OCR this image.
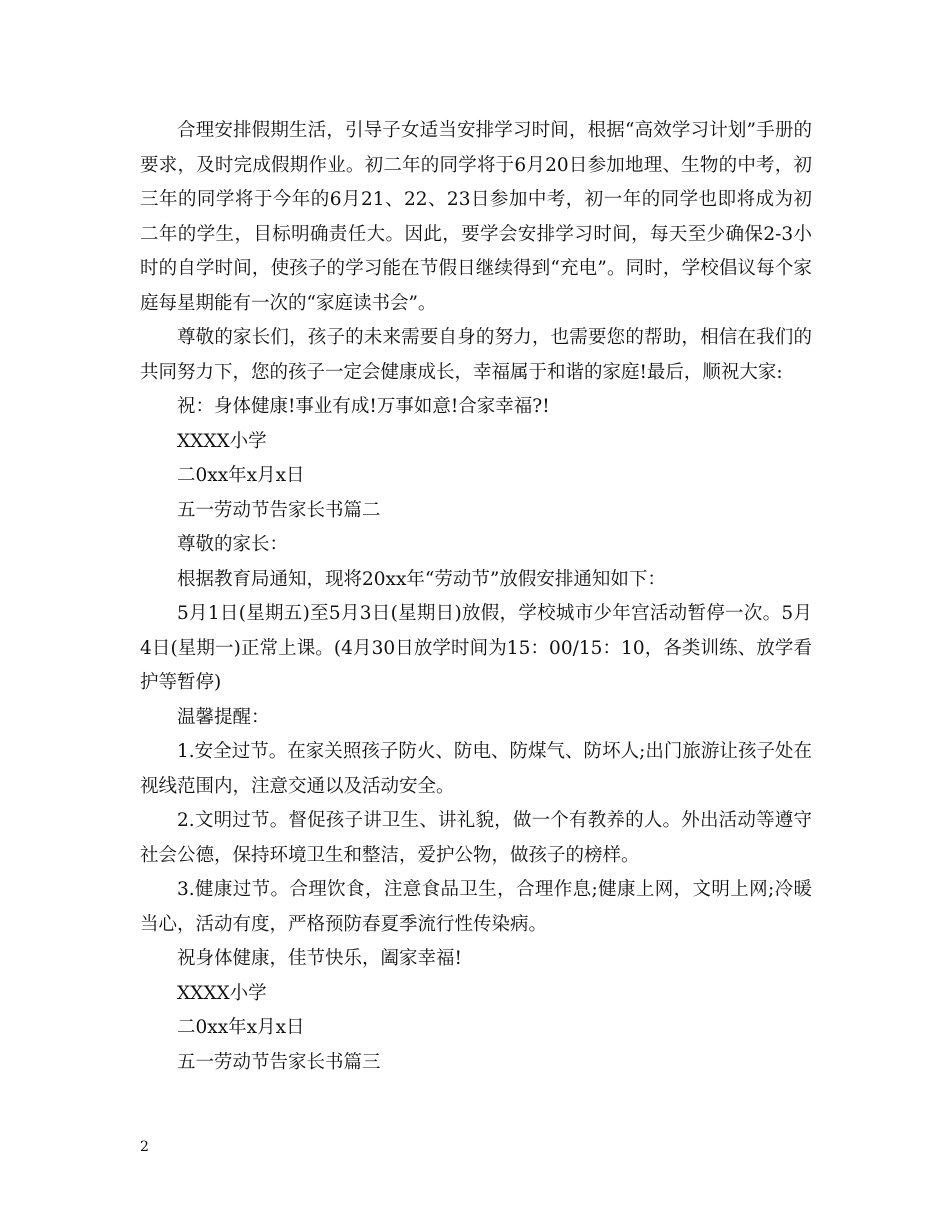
合理安排假期生活，引导子女适当安排学习时间，根据“高效学习计划”手册的要求，及时完成假期作业。初二年的同学将于6月20日参加地理、生物的中考，初三年的同学将于今年的6月21、22、23日参加中考，初一年的同学也即将成为初二年的学生，目标明确责任大。因此，要学会安排学习时间，每天至少确保2-3小时的自学时间，使孩子的学习能在节假日继续得到“充电”。同时，学校倡议每个家庭每星期能有一次的“家庭读书会”。

尊敬的家长们，孩子的未来需要自身的努力，也需要您的帮助，相信在我们的共同努力下，您的孩子一定会健康成长，幸福属于和谐的家庭!最后，顺祝大家:

祝：身体健康!事业有成!万事如意!合家幸福?!

XXXX小学

二0xx年x月x日

五一劳动节告家长书篇二

尊敬的家长：

根据教育局通知，现将20xx年“劳动节”放假安排通知如下：

5月1日(星期五)至5月3日(星期日)放假，学校城市少年宫活动暂停一次。5月4日(星期一)正常上课。(4月30日放学时间为15：00/15：10，各类训练、放学看护等暂停)

温馨提醒：

1.安全过节。在家关照孩子防火、防电、防煤气、防坏人;出门旅游让孩子处在视线范围内，注意交通以及活动安全。

2.文明过节。督促孩子讲卫生、讲礼貌，做一个有教养的人。外出活动等遵守社会公德，保持环境卫生和整洁，爱护公物，做孩子的榜样。

3.健康过节。合理饮食，注意食品卫生，合理作息;健康上网，文明上网;冷暖当心，活动有度，严格预防春夏季流行性传染病。

祝身体健康，佳节快乐，阖家幸福!

XXXX小学

二0xx年x月x日

五一劳动节告家长书篇三

2
